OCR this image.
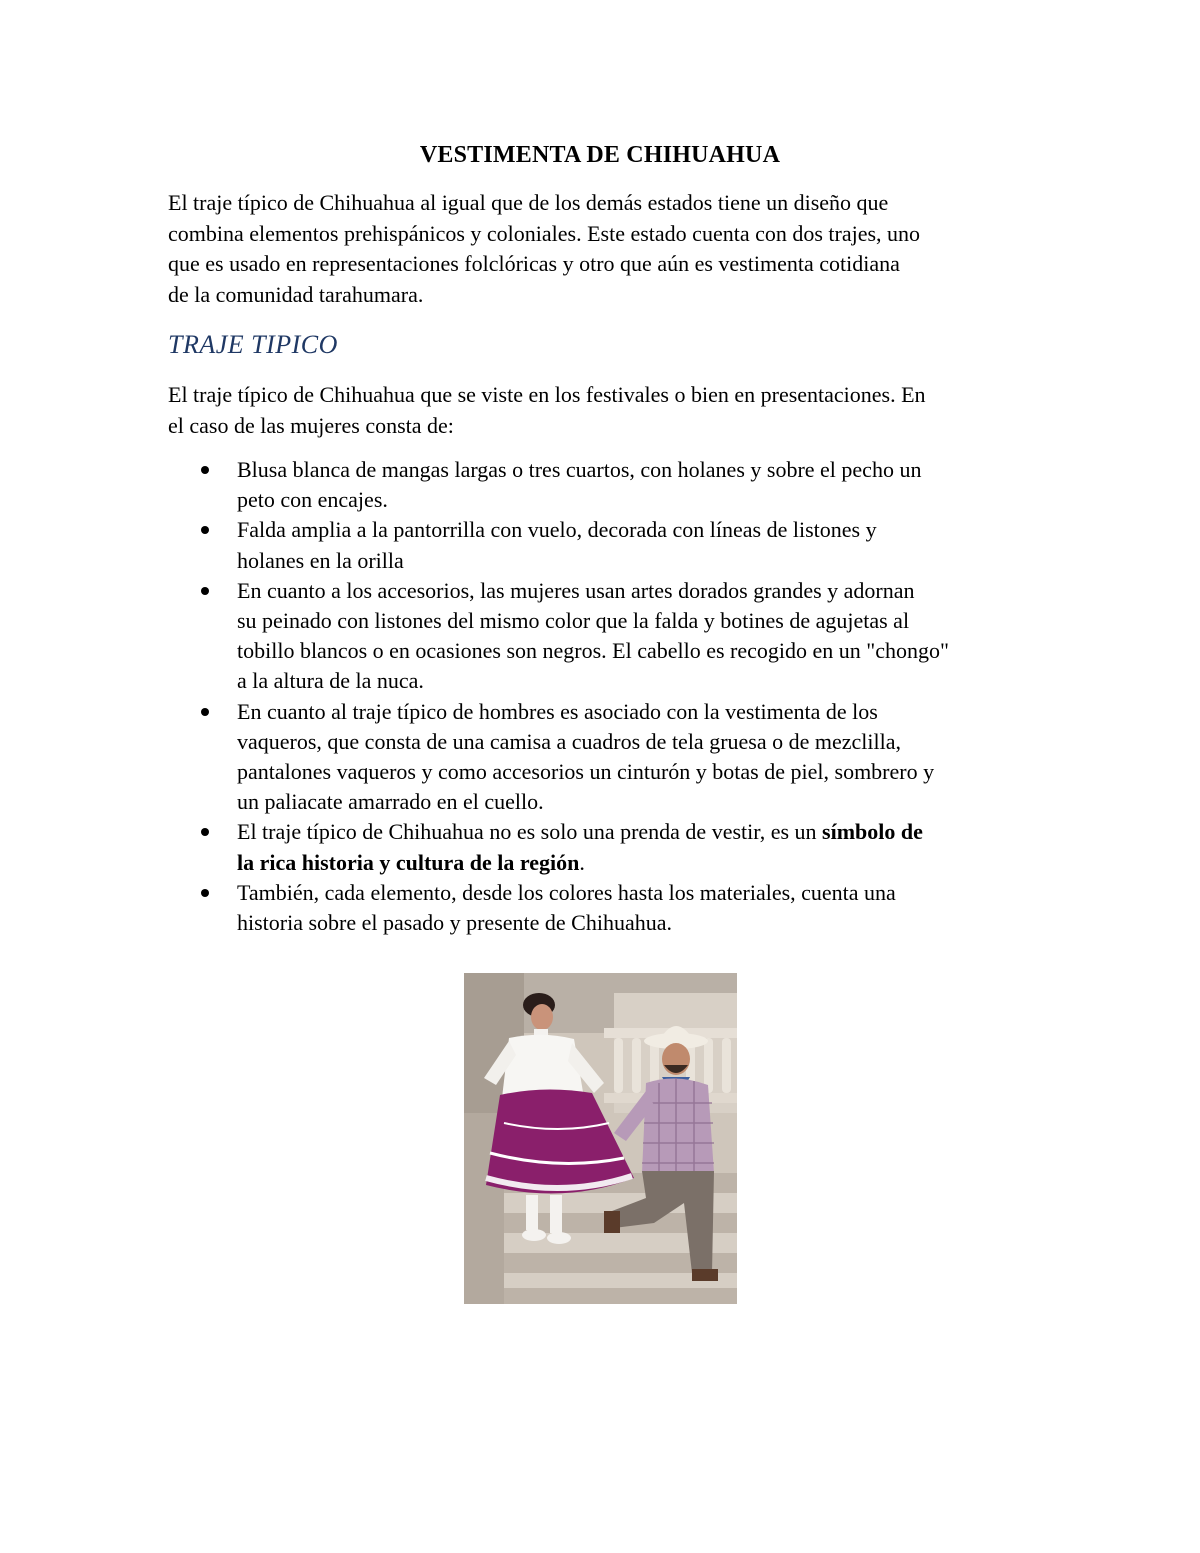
VESTIMENTA DE CHIHUAHUA
El traje típico de Chihuahua al igual que de los demás estados tiene un diseño que
combina elementos prehispánicos y coloniales. Este estado cuenta con dos trajes, uno
que es usado en representaciones folclóricas y otro que aún es vestimenta cotidiana
de la comunidad tarahumara.
TRAJE TIPICO
El traje típico de Chihuahua que se viste en los festivales o bien en presentaciones. En
el caso de las mujeres consta de:
Blusa blanca de mangas largas o tres cuartos, con holanes y sobre el pecho un
peto con encajes.
Falda amplia a la pantorrilla con vuelo, decorada con líneas de listones y
holanes en la orilla
En cuanto a los accesorios, las mujeres usan artes dorados grandes y adornan
su peinado con listones del mismo color que la falda y botines de agujetas al
tobillo blancos o en ocasiones son negros. El cabello es recogido en un "chongo"
a la altura de la nuca.
En cuanto al traje típico de hombres es asociado con la vestimenta de los
vaqueros, que consta de una camisa a cuadros de tela gruesa o de mezclilla,
pantalones vaqueros y como accesorios un cinturón y botas de piel, sombrero y
un paliacate amarrado en el cuello.
El traje típico de Chihuahua no es solo una prenda de vestir, es un símbolo de
la rica historia y cultura de la región.
También, cada elemento, desde los colores hasta los materiales, cuenta una
historia sobre el pasado y presente de Chihuahua.
